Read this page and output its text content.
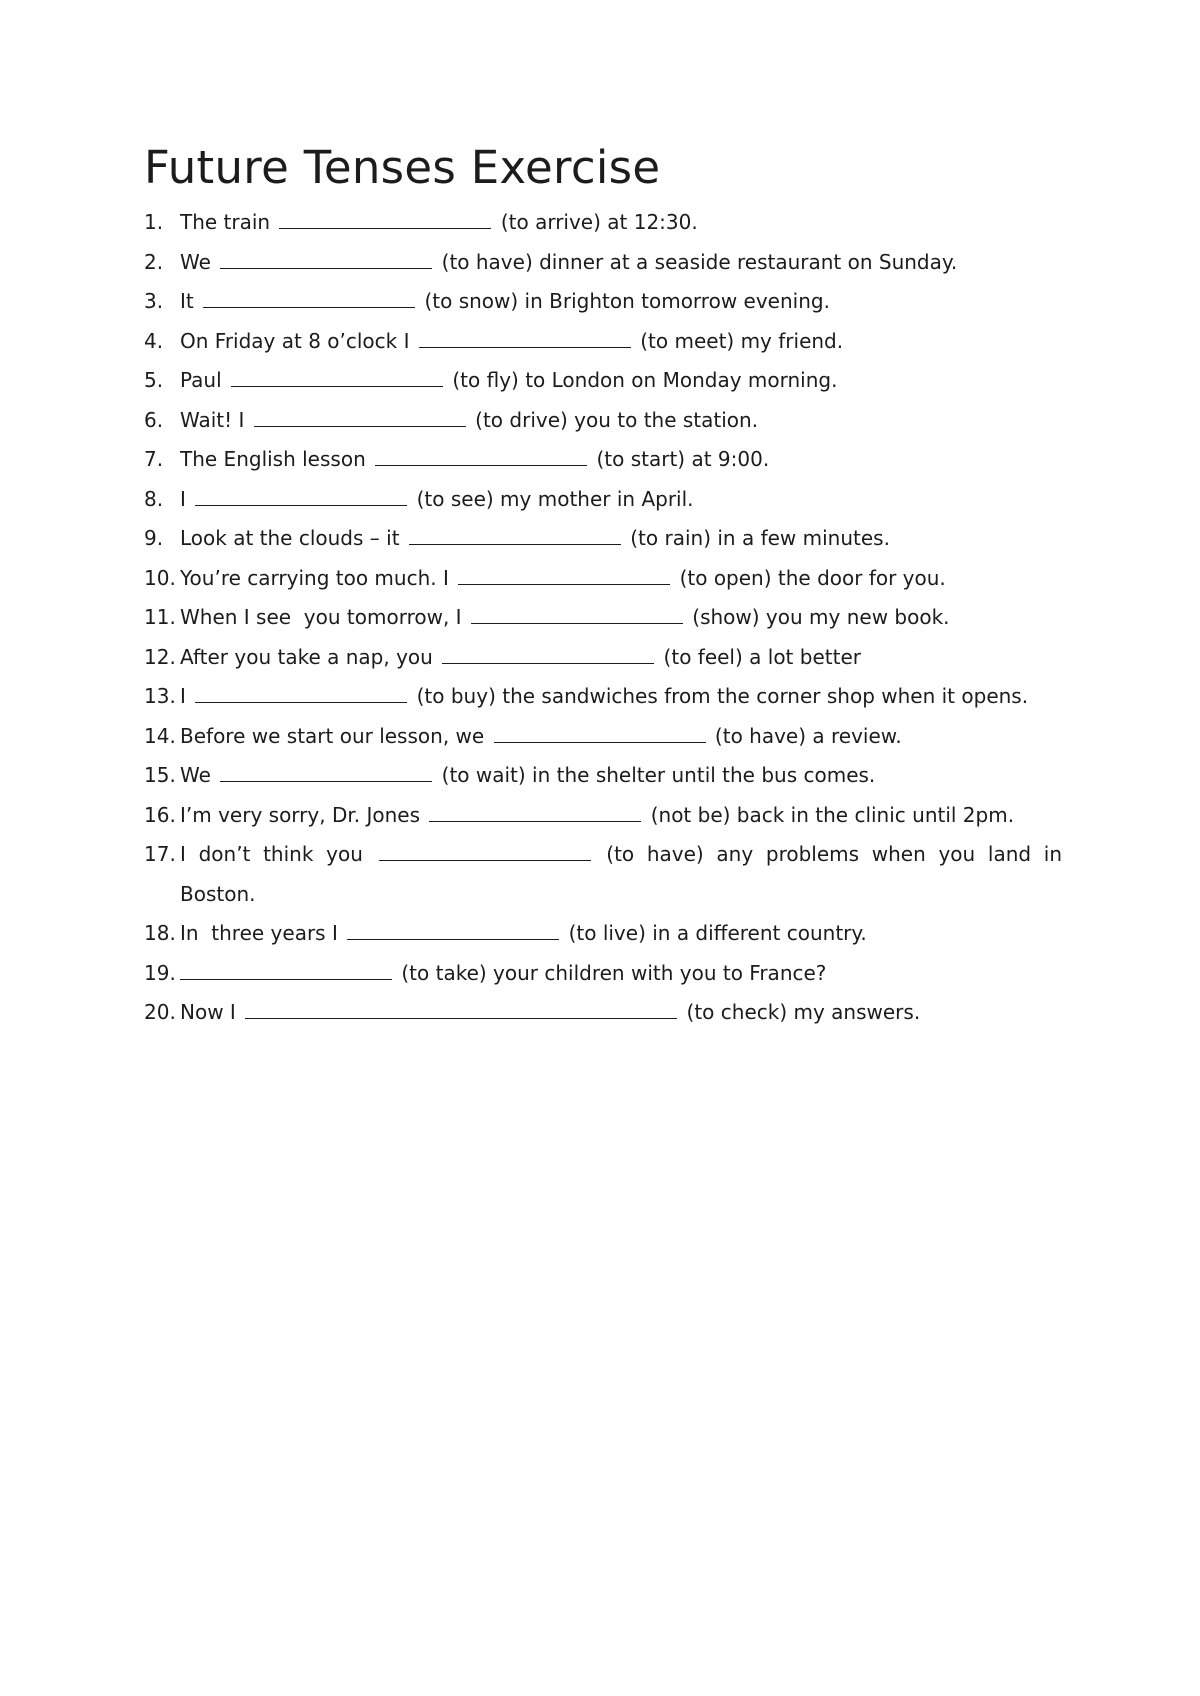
Future Tenses Exercise
1. The train	(to arrive) at 12:30.
2. We	(to have) dinner at a seaside restaurant on Sunday.
3. It	(to snow) in Brighton tomorrow evening.
4. On Friday at 8 o’clock I	(to meet) my friend.
5. Paul	(to fly) to London on Monday morning.
6. Wait! I	(to drive) you to the station.
7. The English lesson	(to start) at 9:00.
8. I	(to see) my mother in April.
9. Look at the clouds – it	(to rain) in a few minutes.
10. You’re carrying too much. I	(to open) the door for you.
11. When I see  you tomorrow, I	(show) you my new book.
12. After you take a nap, you	(to feel) a lot better
13. I	(to buy) the sandwiches from the corner shop when it opens.
14. Before we start our lesson, we	(to have) a review.
15. We	(to wait) in the shelter until the bus comes.
16. I’m very sorry, Dr. Jones	(not be) back in the clinic until 2pm.
17. I don’t think you	(to have) any problems when you land in Boston.
18. In  three years I	(to live) in a different country.
19.	(to take) your children with you to France?
20. Now I	(to check) my answers.
